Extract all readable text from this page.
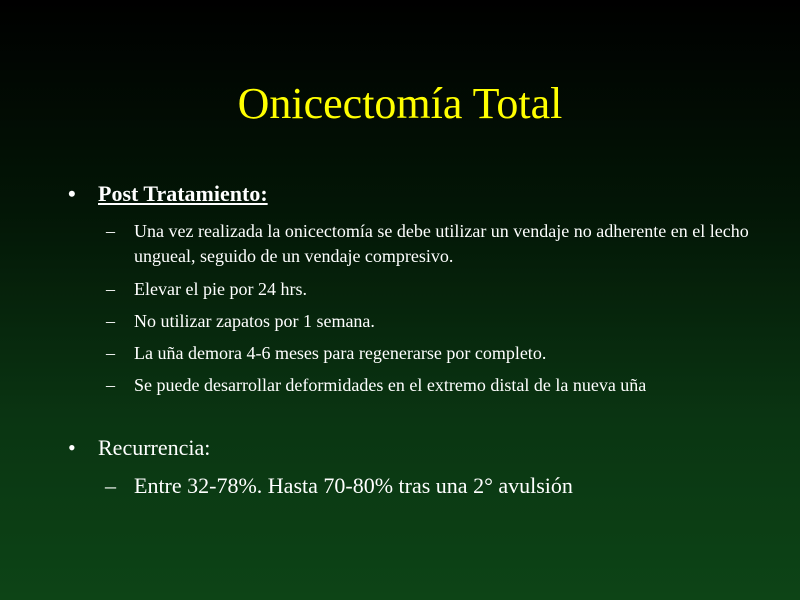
Onicectomía Total
• Post Tratamiento:
– Una vez realizada la onicectomía se debe utilizar un vendaje no adherente en el lecho ungueal, seguido de un vendaje compresivo.
– Elevar el pie por 24 hrs.
– No utilizar zapatos por 1 semana.
– La uña demora 4-6 meses para regenerarse por completo.
– Se puede desarrollar deformidades en el extremo distal de la nueva uña
• Recurrencia:
– Entre 32-78%. Hasta 70-80% tras una 2° avulsión
